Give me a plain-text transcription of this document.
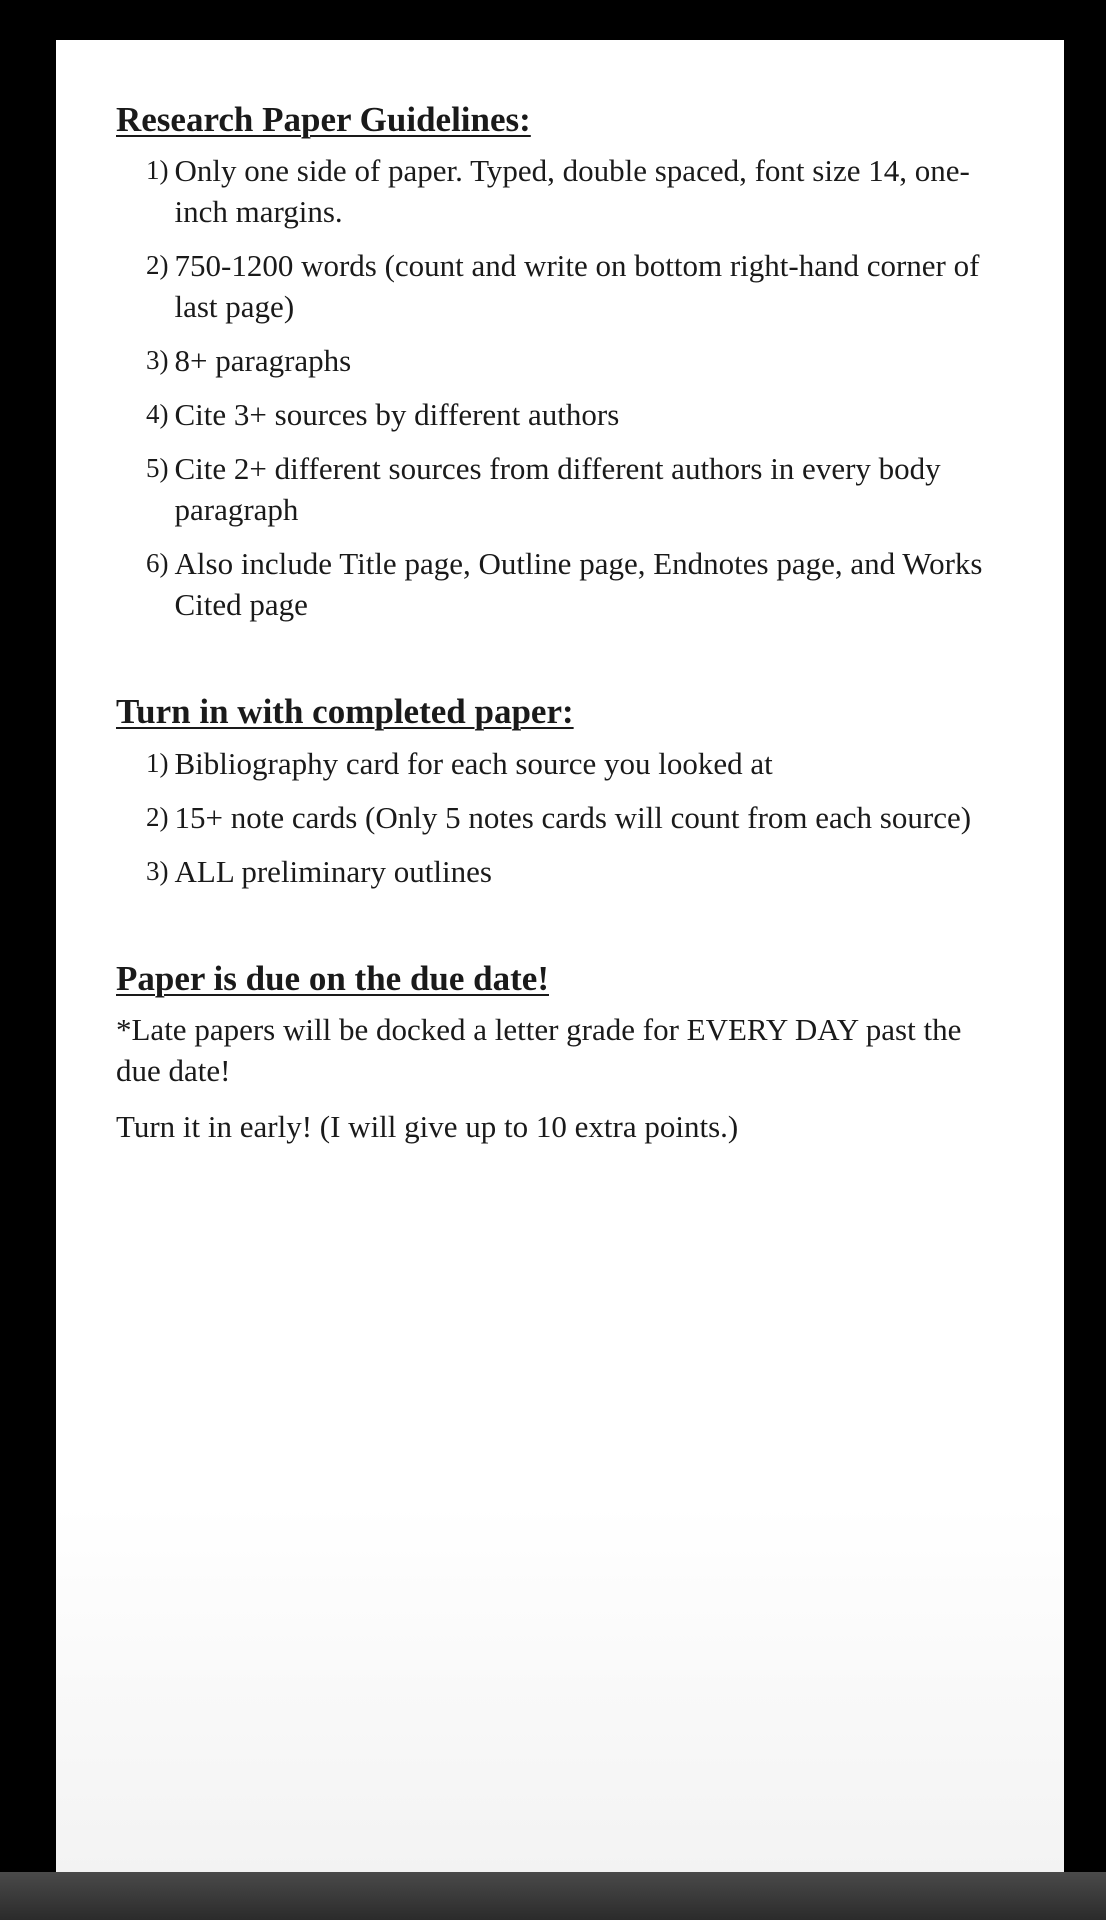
Research Paper Guidelines:
1) Only one side of paper. Typed, double spaced, font size 14, one-inch margins.
2) 750-1200 words (count and write on bottom right-hand corner of last page)
3) 8+ paragraphs
4) Cite 3+ sources by different authors
5) Cite 2+ different sources from different authors in every body paragraph
6) Also include Title page, Outline page, Endnotes page, and Works Cited page
Turn in with completed paper:
1) Bibliography card for each source you looked at
2) 15+ note cards (Only 5 notes cards will count from each source)
3) ALL preliminary outlines
Paper is due on the due date!

*Late papers will be docked a letter grade for EVERY DAY past the due date!

Turn it in early! (I will give up to 10 extra points.)
